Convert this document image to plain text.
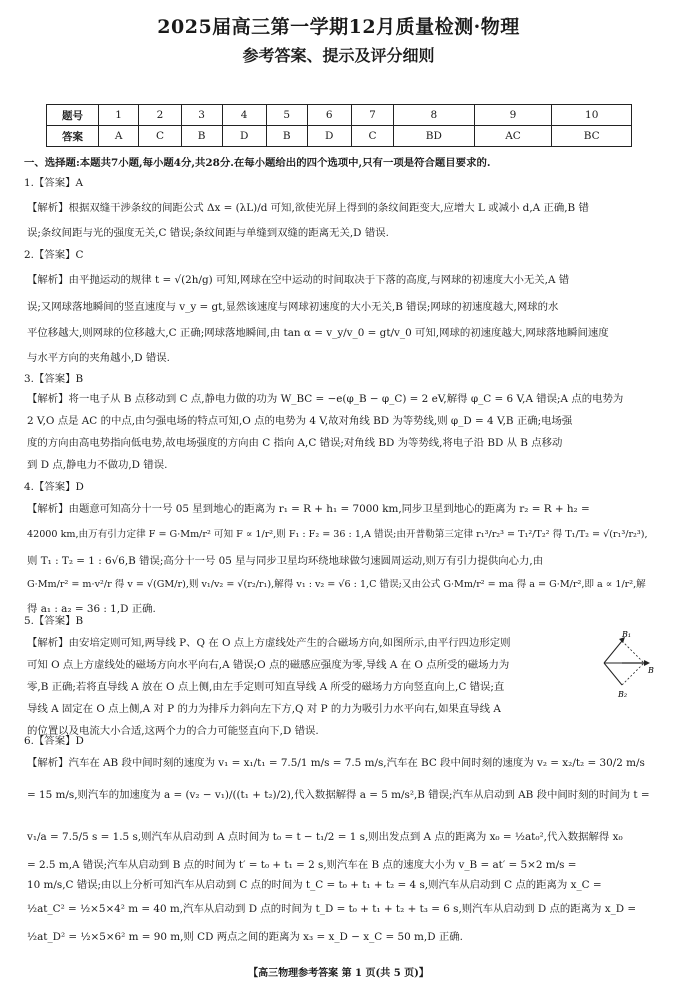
2025届高三第一学期12月质量检测·物理
参考答案、提示及评分细则
题号	1	2	3	4	5	6	7	8	9	10
答案	A	C	B	D	B	D	C	BD	AC	BC
一、选择题:本题共7小题,每小题4分,共28分.在每小题给出的四个选项中,只有一项是符合题目要求的.
1.【答案】A
【解析】根据双缝干涉条纹的间距公式 Δx = (λL)/d 可知,欲使光屏上得到的条纹间距变大,应增大 L 或减小 d,A 正确,B 错
误;条纹间距与光的强度无关,C 错误;条纹间距与单缝到双缝的距离无关,D 错误.
2.【答案】C
【解析】由平抛运动的规律 t = √(2h/g) 可知,网球在空中运动的时间取决于下落的高度,与网球的初速度大小无关,A 错
误;又网球落地瞬间的竖直速度与 v_y = gt,显然该速度与网球初速度的大小无关,B 错误;网球的初速度越大,网球的水
平位移越大,则网球的位移越大,C 正确;网球落地瞬间,由 tan α = v_y/v_0 = gt/v_0 可知,网球的初速度越大,网球落地瞬间速度
与水平方向的夹角越小,D 错误.
3.【答案】B
【解析】将一电子从 B 点移动到 C 点,静电力做的功为 W_BC = −e(φ_B − φ_C) = 2 eV,解得 φ_C = 6 V,A 错误;A 点的电势为
2 V,O 点是 AC 的中点,由匀强电场的特点可知,O 点的电势为 4 V,故对角线 BD 为等势线,则 φ_D = 4 V,B 正确;电场强
度的方向由高电势指向低电势,故电场强度的方向由 C 指向 A,C 错误;对角线 BD 为等势线,将电子沿 BD 从 B 点移动
到 D 点,静电力不做功,D 错误.
4.【答案】D
【解析】由题意可知高分十一号 05 星到地心的距离为 r₁ = R + h₁ = 7000 km,同步卫星到地心的距离为 r₂ = R + h₂ =
42000 km,由万有引力定律 F = G·Mm/r² 可知 F ∝ 1/r²,则 F₁ : F₂ = 36 : 1,A 错误;由开普勒第三定律 r₁³/r₂³ = T₁²/T₂² 得 T₁/T₂ = √(r₁³/r₂³),
则 T₁ : T₂ = 1 : 6√6,B 错误;高分十一号 05 星与同步卫星均环绕地球做匀速圆周运动,则万有引力提供向心力,由
G·Mm/r² = m·v²/r 得 v = √(GM/r),则 v₁/v₂ = √(r₂/r₁),解得 v₁ : v₂ = √6 : 1,C 错误;又由公式 G·Mm/r² = ma 得 a = G·M/r²,即 a ∝ 1/r²,解
得 a₁ : a₂ = 36 : 1,D 正确.
5.【答案】B
【解析】由安培定则可知,两导线 P、Q 在 O 点上方虚线处产生的合磁场方向,如图所示,由平行四边形定则
可知 O 点上方虚线处的磁场方向水平向右,A 错误;O 点的磁感应强度为零,导线 A 在 O 点所受的磁场力为
零,B 正确;若将直导线 A 放在 O 点上侧,由左手定则可知直导线 A 所受的磁场力方向竖直向上,C 错误;直
导线 A 固定在 O 点上侧,A 对 P 的力为排斥力斜向左下方,Q 对 P 的力为吸引力水平向右,如果直导线 A
的位置以及电流大小合适,这两个力的合力可能竖直向下,D 错误.
B₁
B
B₂
6.【答案】D
【解析】汽车在 AB 段中间时刻的速度为 v₁ = x₁/t₁ = 7.5/1 m/s = 7.5 m/s,汽车在 BC 段中间时刻的速度为 v₂ = x₂/t₂ = 30/2 m/s
= 15 m/s,则汽车的加速度为 a = (v₂ − v₁)/((t₁ + t₂)/2),代入数据解得 a = 5 m/s²,B 错误;汽车从启动到 AB 段中间时刻的时间为 t =
v₁/a = 7.5/5 s = 1.5 s,则汽车从启动到 A 点时间为 t₀ = t − t₁/2 = 1 s,则出发点到 A 点的距离为 x₀ = ½at₀²,代入数据解得 x₀
= 2.5 m,A 错误;汽车从启动到 B 点的时间为 t′ = t₀ + t₁ = 2 s,则汽车在 B 点的速度大小为 v_B = at′ = 5×2 m/s =
10 m/s,C 错误;由以上分析可知汽车从启动到 C 点的时间为 t_C = t₀ + t₁ + t₂ = 4 s,则汽车从启动到 C 点的距离为 x_C =
½at_C² = ½×5×4² m = 40 m,汽车从启动到 D 点的时间为 t_D = t₀ + t₁ + t₂ + t₃ = 6 s,则汽车从启动到 D 点的距离为 x_D =
½at_D² = ½×5×6² m = 90 m,则 CD 两点之间的距离为 x₃ = x_D − x_C = 50 m,D 正确.
【高三物理参考答案 第 1 页(共 5 页)】
